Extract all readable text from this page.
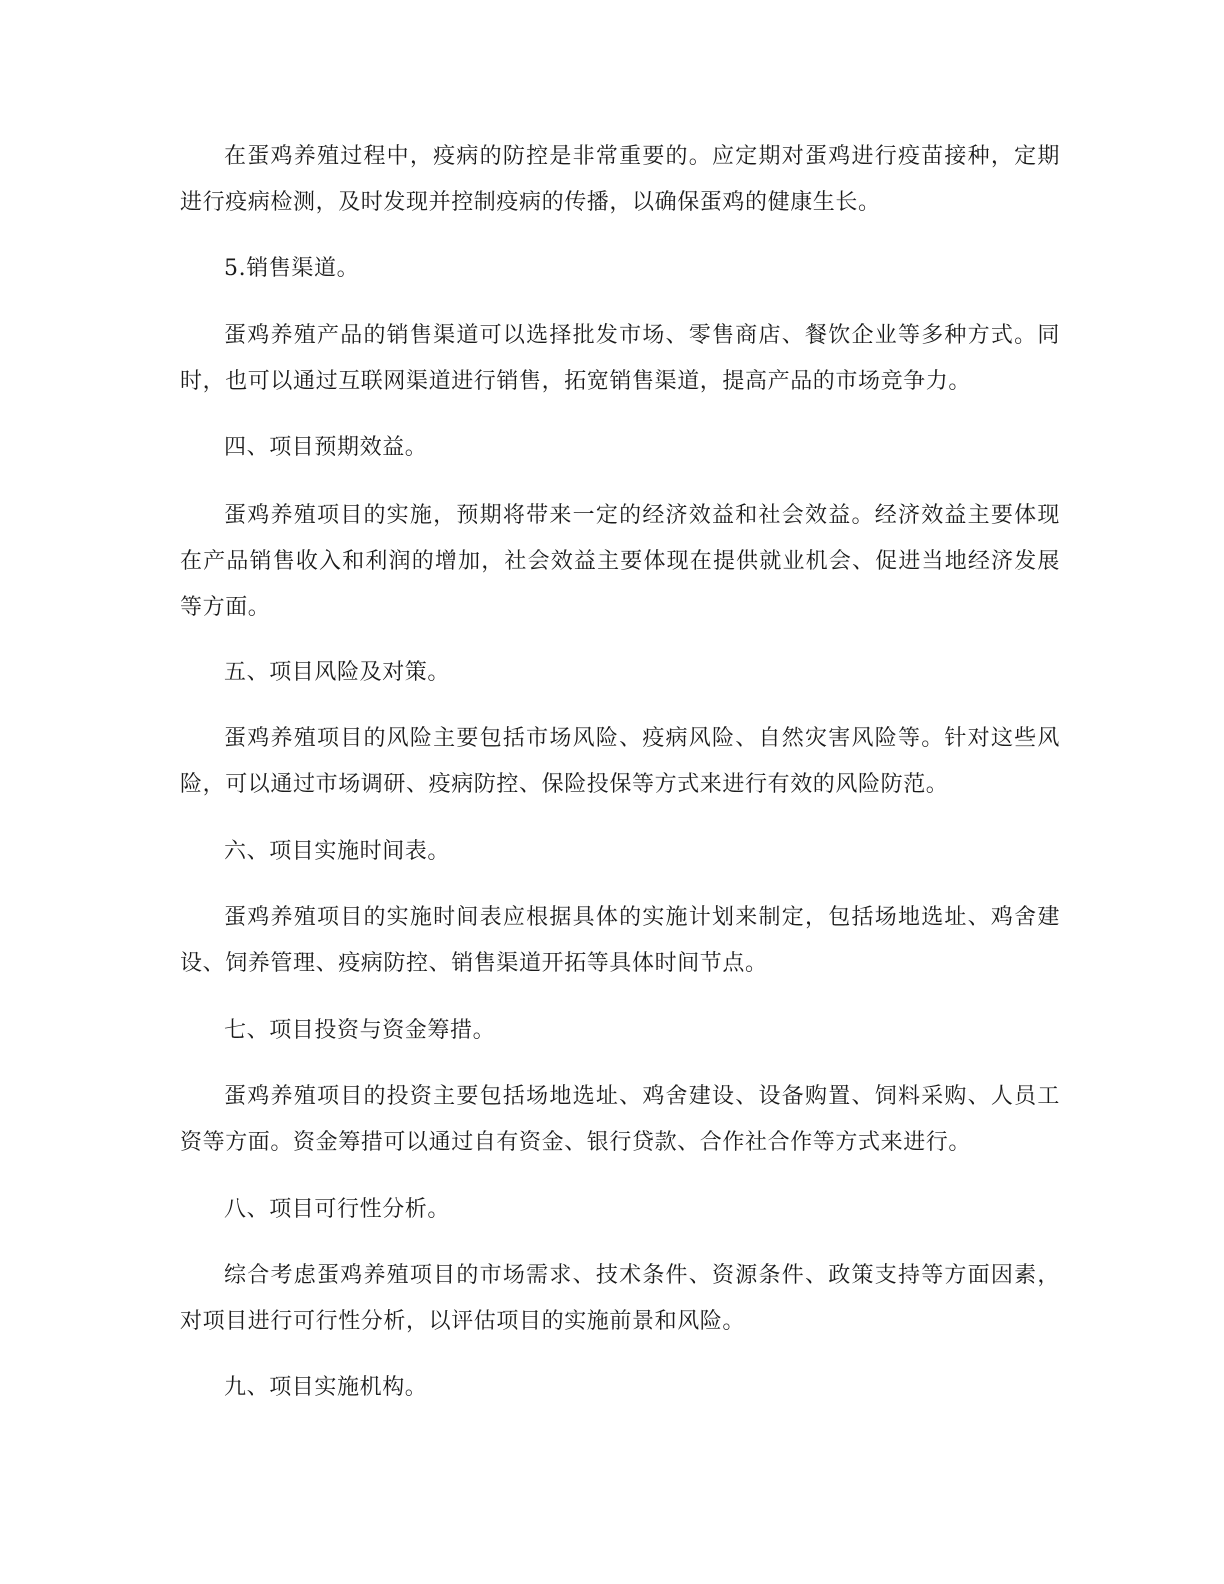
在蛋鸡养殖过程中，疫病的防控是非常重要的。应定期对蛋鸡进行疫苗接种，定期进行疫病检测，及时发现并控制疫病的传播，以确保蛋鸡的健康生长。

5.销售渠道。

蛋鸡养殖产品的销售渠道可以选择批发市场、零售商店、餐饮企业等多种方式。同时，也可以通过互联网渠道进行销售，拓宽销售渠道，提高产品的市场竞争力。

四、项目预期效益。

蛋鸡养殖项目的实施，预期将带来一定的经济效益和社会效益。经济效益主要体现在产品销售收入和利润的增加，社会效益主要体现在提供就业机会、促进当地经济发展等方面。

五、项目风险及对策。

蛋鸡养殖项目的风险主要包括市场风险、疫病风险、自然灾害风险等。针对这些风险，可以通过市场调研、疫病防控、保险投保等方式来进行有效的风险防范。

六、项目实施时间表。

蛋鸡养殖项目的实施时间表应根据具体的实施计划来制定，包括场地选址、鸡舍建设、饲养管理、疫病防控、销售渠道开拓等具体时间节点。

七、项目投资与资金筹措。

蛋鸡养殖项目的投资主要包括场地选址、鸡舍建设、设备购置、饲料采购、人员工资等方面。资金筹措可以通过自有资金、银行贷款、合作社合作等方式来进行。

八、项目可行性分析。

综合考虑蛋鸡养殖项目的市场需求、技术条件、资源条件、政策支持等方面因素，对项目进行可行性分析，以评估项目的实施前景和风险。

九、项目实施机构。
